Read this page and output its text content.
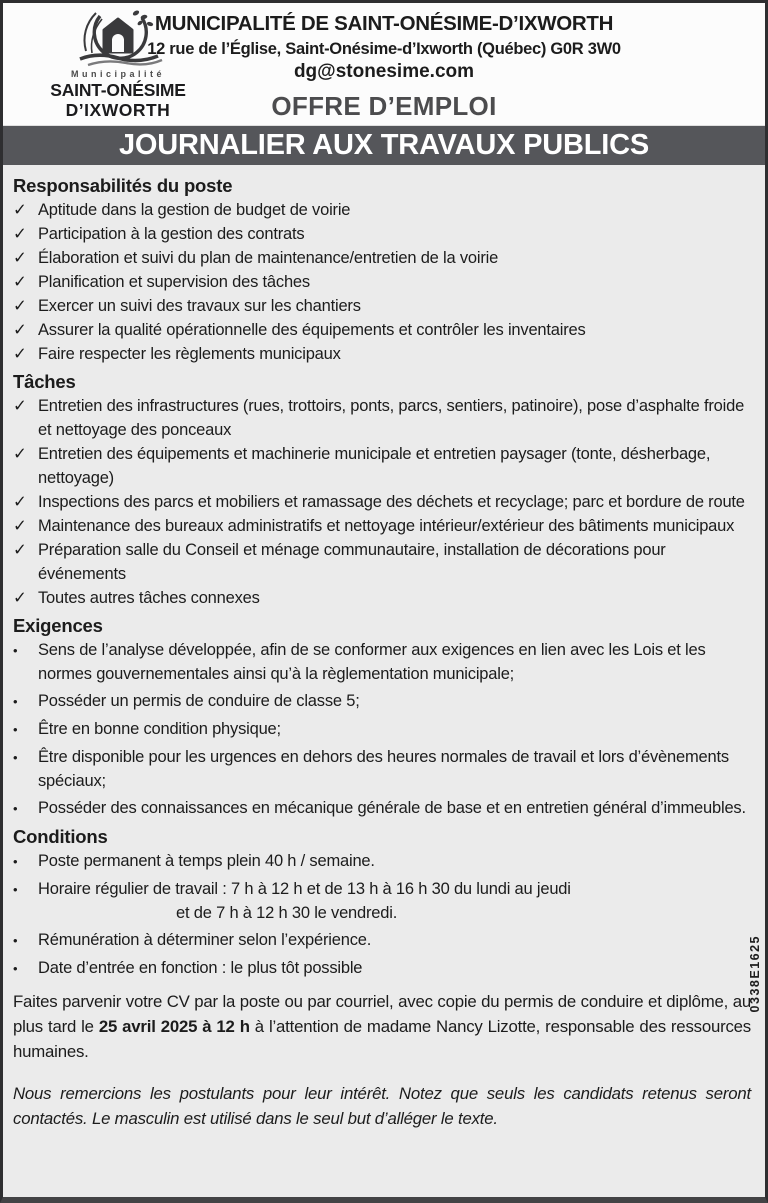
Municipalité
SAINT-ONÉSIME
D’IXWORTH
MUNICIPALITÉ DE SAINT-ONÉSIME-D’IXWORTH
12 rue de l’Église, Saint-Onésime-d’Ixworth (Québec) G0R 3W0
dg@stonesime.com
OFFRE D’EMPLOI
JOURNALIER AUX TRAVAUX PUBLICS
Responsabilités du poste
✓ Aptitude dans la gestion de budget de voirie
✓ Participation à la gestion des contrats
✓ Élaboration et suivi du plan de maintenance/entretien de la voirie
✓ Planification et supervision des tâches
✓ Exercer un suivi des travaux sur les chantiers
✓ Assurer la qualité opérationnelle des équipements et contrôler les inventaires
✓ Faire respecter les règlements municipaux
Tâches
✓ Entretien des infrastructures (rues, trottoirs, ponts, parcs, sentiers, patinoire), pose d’asphalte froide et nettoyage des ponceaux
✓ Entretien des équipements et machinerie municipale et entretien paysager (tonte, désherbage, nettoyage)
✓ Inspections des parcs et mobiliers et ramassage des déchets et recyclage; parc et bordure de route
✓ Maintenance des bureaux administratifs et nettoyage intérieur/extérieur des bâtiments municipaux
✓ Préparation salle du Conseil et ménage communautaire, installation de décorations pour événements
✓ Toutes autres tâches connexes
Exigences
•	Sens de l’analyse développée, afin de se conformer aux exigences en lien avec les Lois et les normes gouvernementales ainsi qu’à la règlementation municipale;
•	Posséder un permis de conduire de classe 5;
•	Être en bonne condition physique;
•	Être disponible pour les urgences en dehors des heures normales de travail et lors d’évènements spéciaux;
•	Posséder des connaissances en mécanique générale de base et en entretien général d’immeubles.
Conditions
•	Poste permanent à temps plein 40 h / semaine.
•	Horaire régulier de travail : 7 h à 12 h et de 13 h à 16 h 30 du lundi au jeudi
et de 7 h à 12 h 30 le vendredi.
•	Rémunération à déterminer selon l’expérience.
•	Date d’entrée en fonction : le plus tôt possible

Faites parvenir votre CV par la poste ou par courriel, avec copie du permis de conduire et diplôme, au plus tard le 25 avril 2025 à 12 h à l’attention de madame Nancy Lizotte, responsable des ressources humaines.

Nous remercions les postulants pour leur intérêt. Notez que seuls les candidats retenus seront contactés. Le masculin est utilisé dans le seul but d’alléger le texte.

0338E1625
